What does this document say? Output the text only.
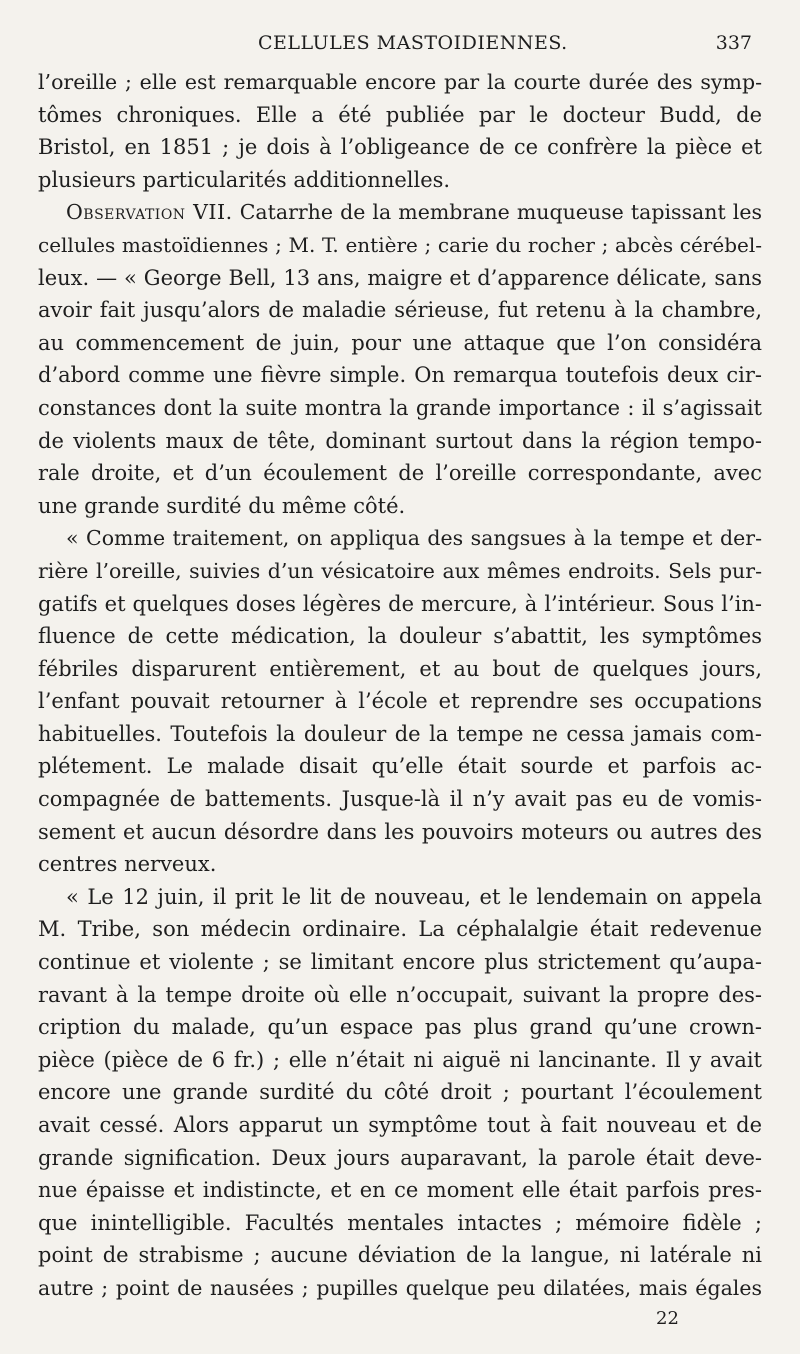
CELLULES MASTOIDIENNES.	337
l’oreille ; elle est remarquable encore par la courte durée des symp-
tômes chroniques. Elle a été publiée par le docteur Budd, de
Bristol, en 1851 ; je dois à l’obligeance de ce confrère la pièce et
plusieurs particularités additionnelles.
Observation VII. Catarrhe de la membrane muqueuse tapissant les
cellules mastoïdiennes ; M. T. entière ; carie du rocher ; abcès cérébel-
leux. — « George Bell, 13 ans, maigre et d’apparence délicate, sans
avoir fait jusqu’alors de maladie sérieuse, fut retenu à la chambre,
au commencement de juin, pour une attaque que l’on considéra
d’abord comme une fièvre simple. On remarqua toutefois deux cir-
constances dont la suite montra la grande importance : il s’agissait
de violents maux de tête, dominant surtout dans la région tempo-
rale droite, et d’un écoulement de l’oreille correspondante, avec
une grande surdité du même côté.
« Comme traitement, on appliqua des sangsues à la tempe et der-
rière l’oreille, suivies d’un vésicatoire aux mêmes endroits. Sels pur-
gatifs et quelques doses légères de mercure, à l’intérieur. Sous l’in-
fluence de cette médication, la douleur s’abattit, les symptômes
fébriles disparurent entièrement, et au bout de quelques jours,
l’enfant pouvait retourner à l’école et reprendre ses occupations
habituelles. Toutefois la douleur de la tempe ne cessa jamais com-
plétement. Le malade disait qu’elle était sourde et parfois ac-
compagnée de battements. Jusque-là il n’y avait pas eu de vomis-
sement et aucun désordre dans les pouvoirs moteurs ou autres des
centres nerveux.
« Le 12 juin, il prit le lit de nouveau, et le lendemain on appela
M. Tribe, son médecin ordinaire. La céphalalgie était redevenue
continue et violente ; se limitant encore plus strictement qu’aupa-
ravant à la tempe droite où elle n’occupait, suivant la propre des-
cription du malade, qu’un espace pas plus grand qu’une crown-
pièce (pièce de 6 fr.) ; elle n’était ni aiguë ni lancinante. Il y avait
encore une grande surdité du côté droit ; pourtant l’écoulement
avait cessé. Alors apparut un symptôme tout à fait nouveau et de
grande signification. Deux jours auparavant, la parole était deve-
nue épaisse et indistincte, et en ce moment elle était parfois pres-
que inintelligible. Facultés mentales intactes ; mémoire fidèle ;
point de strabisme ; aucune déviation de la langue, ni latérale ni
autre ; point de nausées ; pupilles quelque peu dilatées, mais égales
22
